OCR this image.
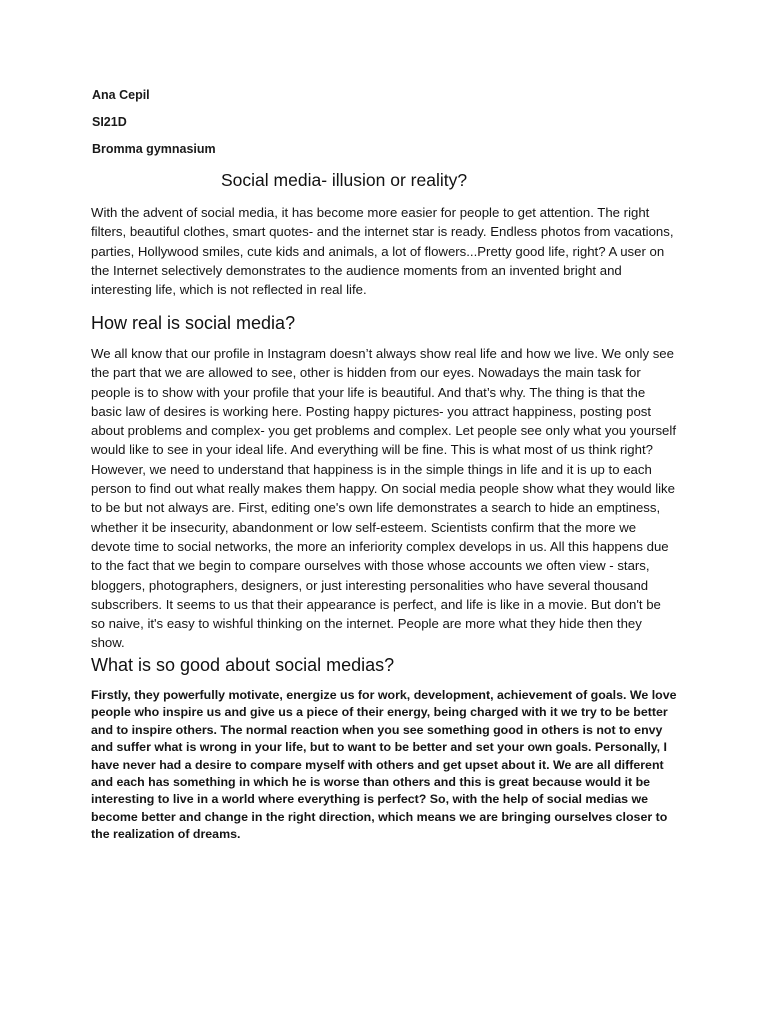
Ana Cepil

SI21D

Bromma gymnasium

Social media- illusion or reality?

With the advent of social media, it has become more easier for people to get attention. The right filters, beautiful clothes, smart quotes- and the internet star is ready. Endless photos from vacations, parties, Hollywood smiles, cute kids and animals, a lot of flowers...Pretty good life, right? A user on the Internet selectively demonstrates to the audience moments from an invented bright and interesting life, which is not reflected in real life.

How real is social media?

We all know that our profile in Instagram doesn’t always show real life and how we live. We only see the part that we are allowed to see, other is hidden from our eyes. Nowadays the main task for people is to show with your profile that your life is beautiful. And that’s why. The thing is that the basic law of desires is working here. Posting happy pictures- you attract happiness, posting post about problems and complex- you get problems and complex. Let people see only what you yourself would like to see in your ideal life. And everything will be fine. This is what most of us think right? However, we need to understand that happiness is in the simple things in life and it is up to each person to find out what really makes them happy. On social media people show what they would like to be but not always are. First, editing one's own life demonstrates a search to hide an emptiness, whether it be insecurity, abandonment or low self-esteem. Scientists confirm that the more we devote time to social networks, the more an inferiority complex develops in us. All this happens due to the fact that we begin to compare ourselves with those whose accounts we often view - stars, bloggers, photographers, designers, or just interesting personalities who have several thousand subscribers. It seems to us that their appearance is perfect, and life is like in a movie. But don't be so naive, it's easy to wishful thinking on the internet. People are more what they hide then they show.

What is so good about social medias?

Firstly, they powerfully motivate, energize us for work, development, achievement of goals. We love people who inspire us and give us a piece of their energy, being charged with it we try to be better and to inspire others. The normal reaction when you see something good in others is not to envy and suffer what is wrong in your life, but to want to be better and set your own goals. Personally, I have never had a desire to compare myself with others and get upset about it. We are all different and each has something in which he is worse than others and this is great because would it be interesting to live in a world where everything is perfect? So, with the help of social medias we become better and change in the right direction, which means we are bringing ourselves closer to the realization of dreams.
